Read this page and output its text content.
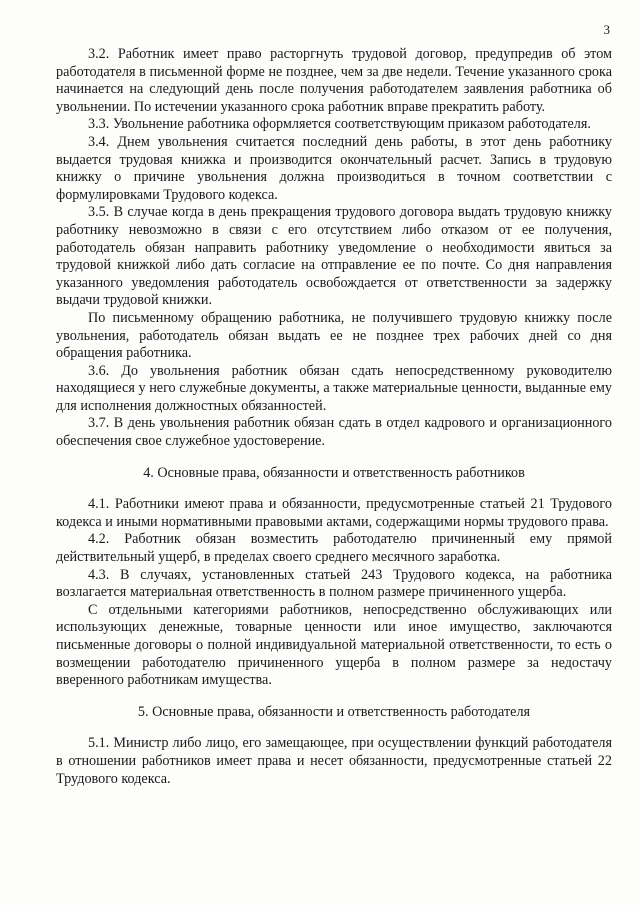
3

3.2. Работник имеет право расторгнуть трудовой договор, предупредив об этом работодателя в письменной форме не позднее, чем за две недели. Течение указанного срока начинается на следующий день после получения работодателем заявления работника об увольнении. По истечении указанного срока работник вправе прекратить работу.

3.3. Увольнение работника оформляется соответствующим приказом работодателя.

3.4. Днем увольнения считается последний день работы, в этот день работнику выдается трудовая книжка и производится окончательный расчет. Запись в трудовую книжку о причине увольнения должна производиться в точном соответствии с формулировками Трудового кодекса.

3.5. В случае когда в день прекращения трудового договора выдать трудовую книжку работнику невозможно в связи с его отсутствием либо отказом от ее получения, работодатель обязан направить работнику уведомление о необходимости явиться за трудовой книжкой либо дать согласие на отправление ее по почте. Со дня направления указанного уведомления работодатель освобождается от ответственности за задержку выдачи трудовой книжки.

По письменному обращению работника, не получившего трудовую книжку после увольнения, работодатель обязан выдать ее не позднее трех рабочих дней со дня обращения работника.

3.6. До увольнения работник обязан сдать непосредственному руководителю находящиеся у него служебные документы, а также материальные ценности, выданные ему для исполнения должностных обязанностей.

3.7. В день увольнения работник обязан сдать в отдел кадрового и организационного обеспечения свое служебное удостоверение.

4. Основные права, обязанности и ответственность работников

4.1. Работники имеют права и обязанности, предусмотренные статьей 21 Трудового кодекса и иными нормативными правовыми актами, содержащими нормы трудового права.

4.2. Работник обязан возместить работодателю причиненный ему прямой действительный ущерб, в пределах своего среднего месячного заработка.

4.3. В случаях, установленных статьей 243 Трудового кодекса, на работника возлагается материальная ответственность в полном размере причиненного ущерба.

С отдельными категориями работников, непосредственно обслуживающих или использующих денежные, товарные ценности или иное имущество, заключаются письменные договоры о полной индивидуальной материальной ответственности, то есть о возмещении работодателю причиненного ущерба в полном размере за недостачу вверенного работникам имущества.

5. Основные права, обязанности и ответственность работодателя

5.1. Министр либо лицо, его замещающее, при осуществлении функций работодателя в отношении работников имеет права и несет обязанности, предусмотренные статьей 22 Трудового кодекса.
